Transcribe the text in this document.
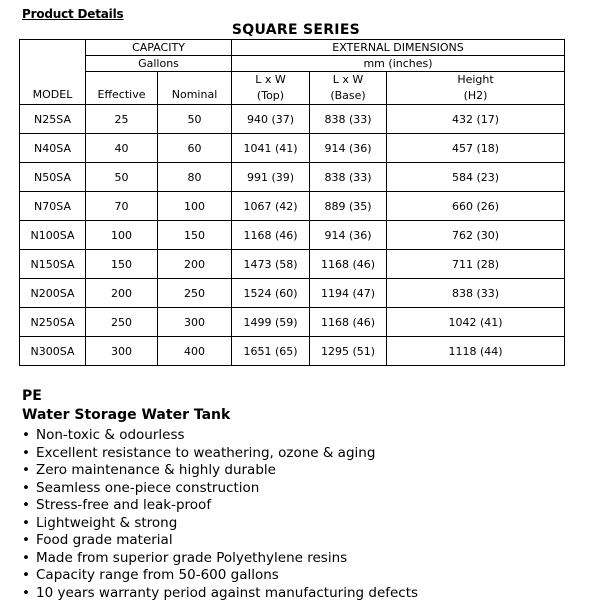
Product Details
SQUARE SERIES
MODEL	CAPACITY		EXTERNAL DIMENSIONS		
	Gallons		mm (inches)		
	Effective	Nominal	L x W	L x W	Height
			(Top)	(Base)	(H2)
N25SA	25	50	940 (37)	838 (33)	432 (17)
N40SA	40	60	1041 (41)	914 (36)	457 (18)
N50SA	50	80	991 (39)	838 (33)	584 (23)
N70SA	70	100	1067 (42)	889 (35)	660 (26)
N100SA	100	150	1168 (46)	914 (36)	762 (30)
N150SA	150	200	1473 (58)	1168 (46)	711 (28)
N200SA	200	250	1524 (60)	1194 (47)	838 (33)
N250SA	250	300	1499 (59)	1168 (46)	1042 (41)
N300SA	300	400	1651 (65)	1295 (51)	1118 (44)
PE
Water Storage Water Tank
• Non-toxic & odourless
• Excellent resistance to weathering, ozone & aging
• Zero maintenance & highly durable
• Seamless one-piece construction
• Stress-free and leak-proof
• Lightweight & strong
• Food grade material
• Made from superior grade Polyethylene resins
• Capacity range from 50-600 gallons
• 10 years warranty period against manufacturing defects
